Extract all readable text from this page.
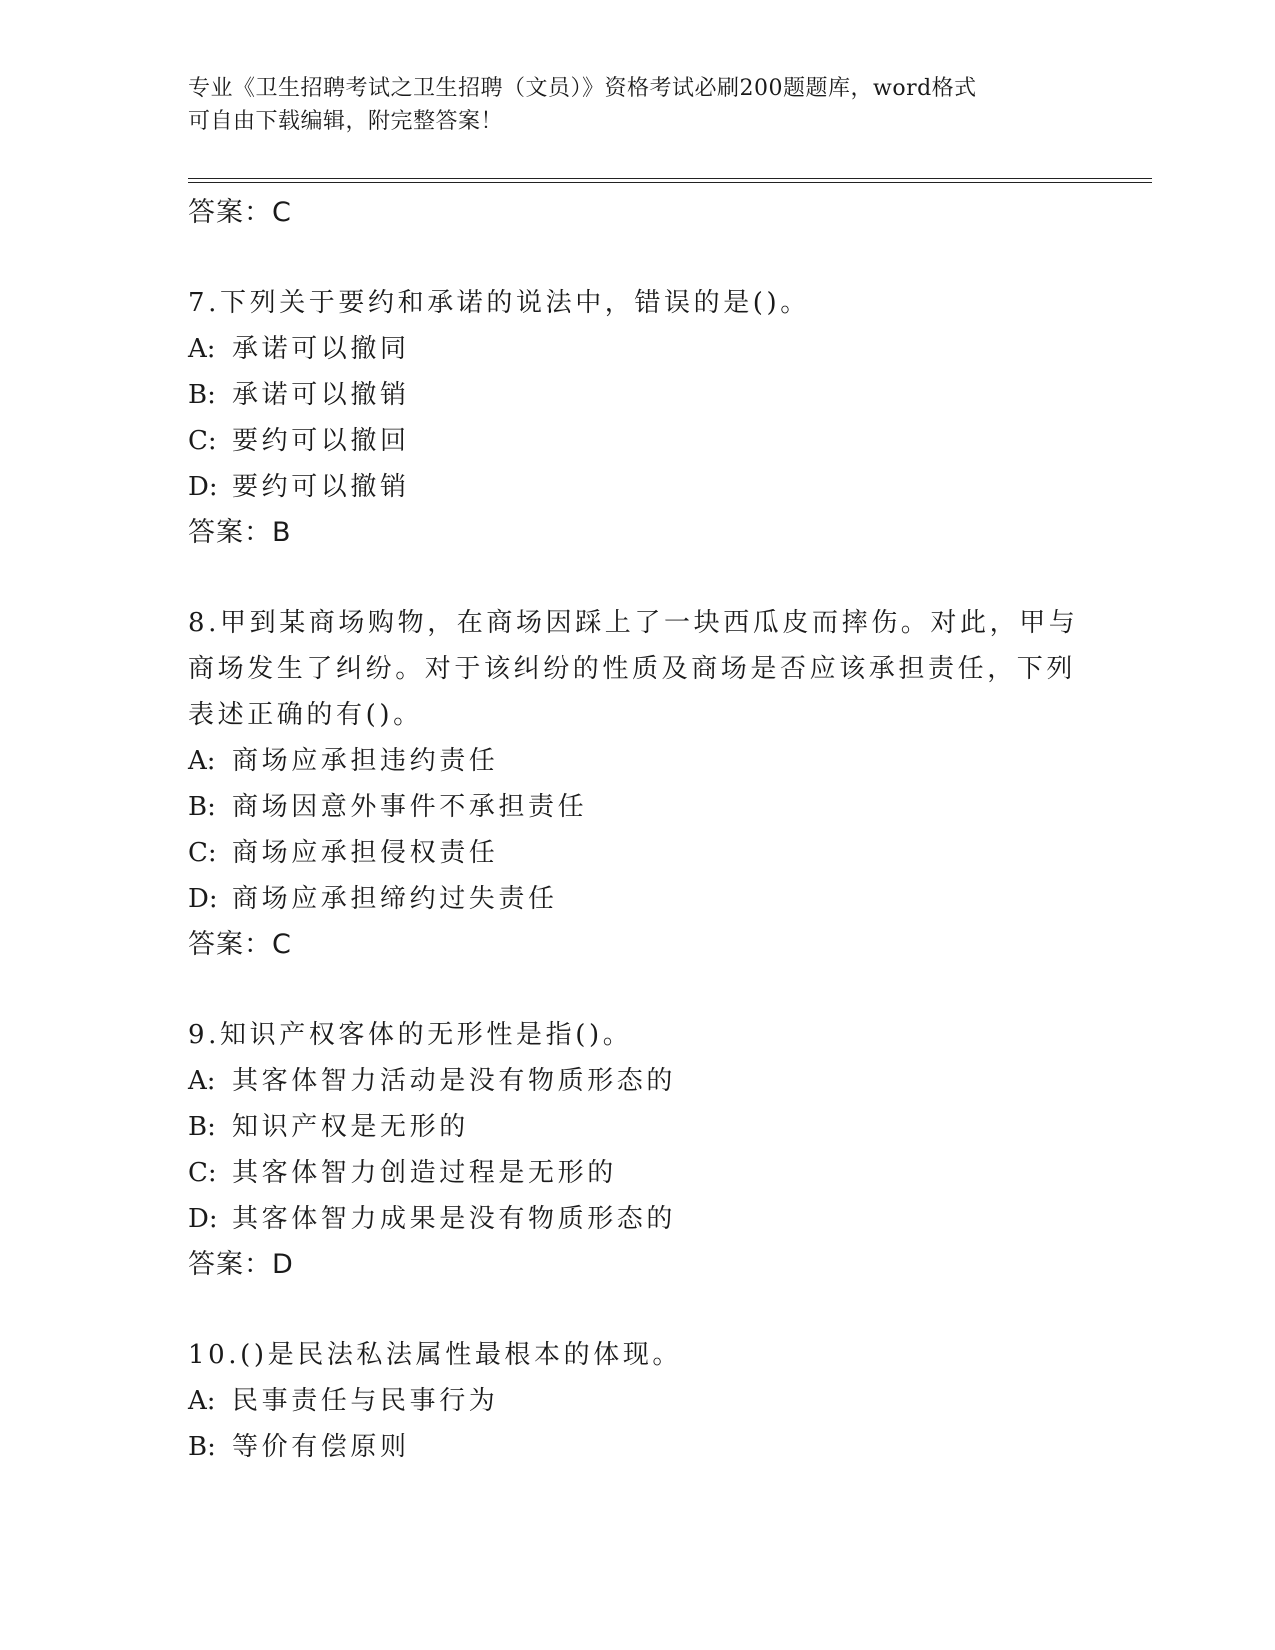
专业《卫生招聘考试之卫生招聘（文员）》资格考试必刷200题题库，word格式
可自由下载编辑，附完整答案！
答案：C
7.下列关于要约和承诺的说法中，错误的是()。
A: 承诺可以撤同
B: 承诺可以撤销
C: 要约可以撤回
D: 要约可以撤销
答案：B
8.甲到某商场购物，在商场因踩上了一块西瓜皮而摔伤。对此，甲与
商场发生了纠纷。对于该纠纷的性质及商场是否应该承担责任，下列
表述正确的有()。
A: 商场应承担违约责任
B: 商场因意外事件不承担责任
C: 商场应承担侵权责任
D: 商场应承担缔约过失责任
答案：C
9.知识产权客体的无形性是指()。
A: 其客体智力活动是没有物质形态的
B: 知识产权是无形的
C: 其客体智力创造过程是无形的
D: 其客体智力成果是没有物质形态的
答案：D
10.()是民法私法属性最根本的体现。
A: 民事责任与民事行为
B: 等价有偿原则
